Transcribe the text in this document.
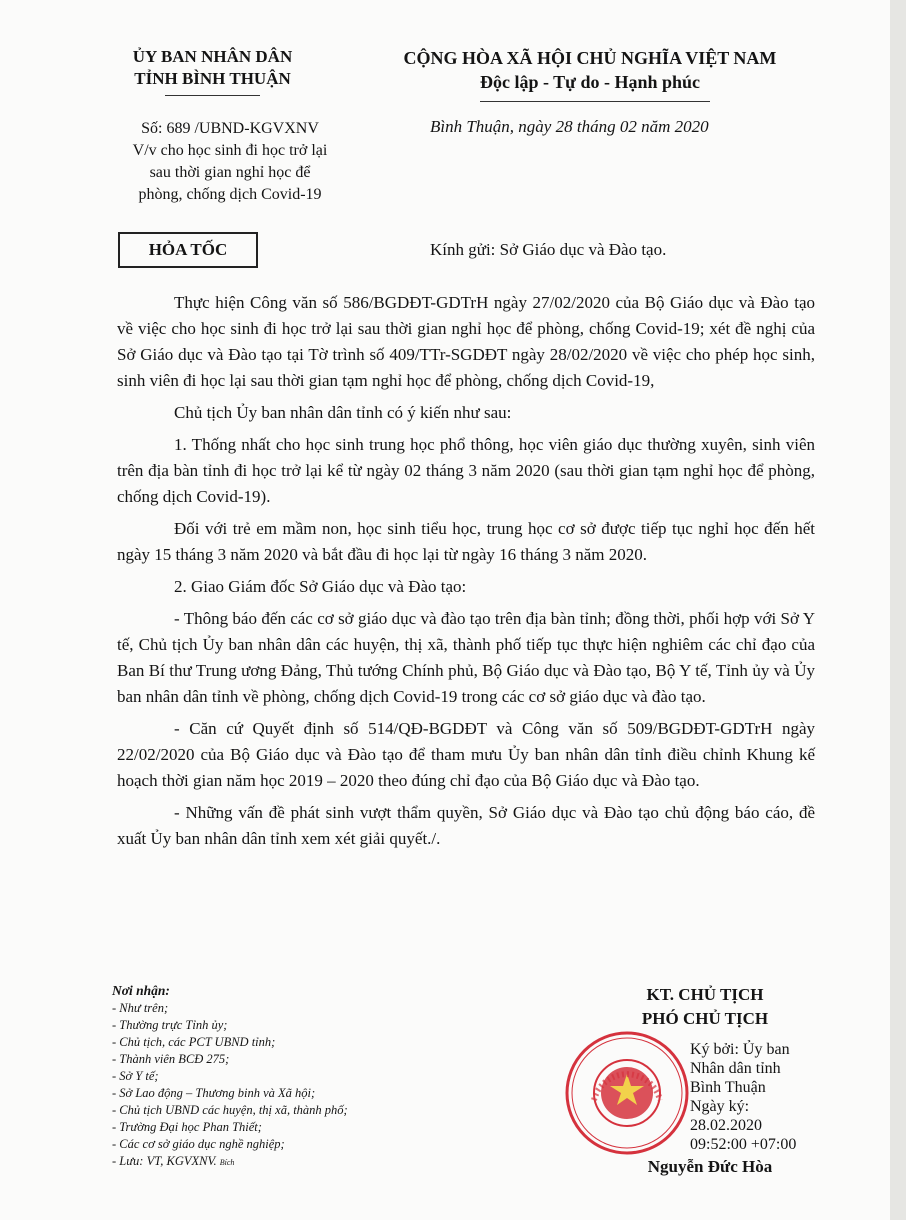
ỦY BAN NHÂN DÂN
TỈNH BÌNH THUẬN
CỘNG HÒA XÃ HỘI CHỦ NGHĨA VIỆT NAM
Độc lập - Tự do - Hạnh phúc
Số: 689 /UBND-KGVXNV
V/v cho học sinh đi học trở lại
sau thời gian nghỉ học để
phòng, chống dịch Covid-19
Bình Thuận, ngày 28 tháng 02 năm 2020
HỎA TỐC	Kính gửi: Sở Giáo dục và Đào tạo.

Thực hiện Công văn số 586/BGDĐT-GDTrH ngày 27/02/2020 của Bộ Giáo dục và Đào tạo về việc cho học sinh đi học trở lại sau thời gian nghỉ học để phòng, chống Covid-19; xét đề nghị của Sở Giáo dục và Đào tạo tại Tờ trình số 409/TTr-SGDĐT ngày 28/02/2020 về việc cho phép học sinh, sinh viên đi học lại sau thời gian tạm nghỉ học để phòng, chống dịch Covid-19,

Chủ tịch Ủy ban nhân dân tỉnh có ý kiến như sau:

1. Thống nhất cho học sinh trung học phổ thông, học viên giáo dục thường xuyên, sinh viên trên địa bàn tỉnh đi học trở lại kể từ ngày 02 tháng 3 năm 2020 (sau thời gian tạm nghỉ học để phòng, chống dịch Covid-19).

Đối với trẻ em mầm non, học sinh tiểu học, trung học cơ sở được tiếp tục nghỉ học đến hết ngày 15 tháng 3 năm 2020 và bắt đầu đi học lại từ ngày 16 tháng 3 năm 2020.

2. Giao Giám đốc Sở Giáo dục và Đào tạo:

- Thông báo đến các cơ sở giáo dục và đào tạo trên địa bàn tỉnh; đồng thời, phối hợp với Sở Y tế, Chủ tịch Ủy ban nhân dân các huyện, thị xã, thành phố tiếp tục thực hiện nghiêm các chỉ đạo của Ban Bí thư Trung ương Đảng, Thủ tướng Chính phủ, Bộ Giáo dục và Đào tạo, Bộ Y tế, Tỉnh ủy và Ủy ban nhân dân tỉnh về phòng, chống dịch Covid-19 trong các cơ sở giáo dục và đào tạo.

- Căn cứ Quyết định số 514/QĐ-BGDĐT và Công văn số 509/BGDĐT-GDTrH ngày 22/02/2020 của Bộ Giáo dục và Đào tạo để tham mưu Ủy ban nhân dân tỉnh điều chỉnh Khung kế hoạch thời gian năm học 2019 – 2020 theo đúng chỉ đạo của Bộ Giáo dục và Đào tạo.

- Những vấn đề phát sinh vượt thẩm quyền, Sở Giáo dục và Đào tạo chủ động báo cáo, đề xuất Ủy ban nhân dân tỉnh xem xét giải quyết./.

Nơi nhận:
- Như trên;
- Thường trực Tỉnh ủy;
- Chủ tịch, các PCT UBND tỉnh;
- Thành viên BCĐ 275;
- Sở Y tế;
- Sở Lao động – Thương binh và Xã hội;
- Chủ tịch UBND các huyện, thị xã, thành phố;
- Trường Đại học Phan Thiết;
- Các cơ sở giáo dục nghề nghiệp;
- Lưu: VT, KGVXNV. Bích
KT. CHỦ TỊCH
PHÓ CHỦ TỊCH
Ký bởi: Ủy ban
Nhân dân tỉnh
Bình Thuận
Ngày ký:
28.02.2020
09:52:00 +07:00
Nguyễn Đức Hòa
